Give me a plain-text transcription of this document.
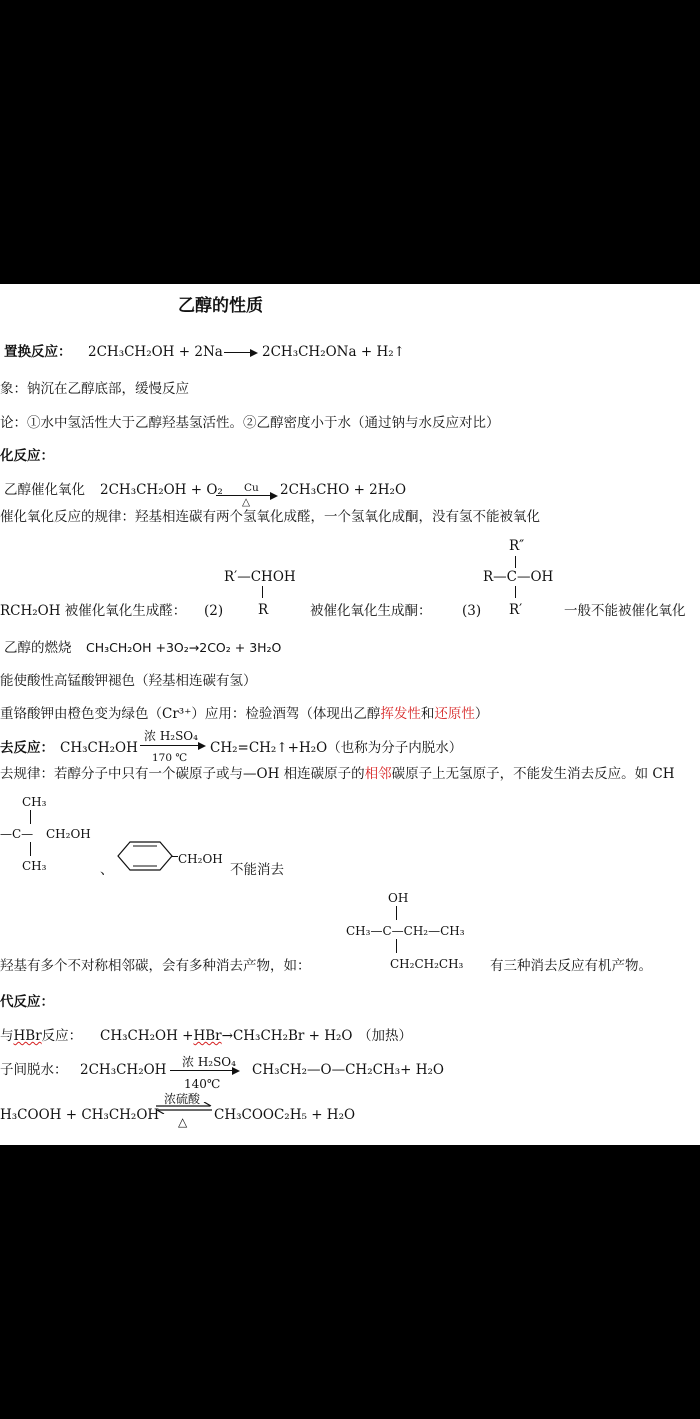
乙醇的性质
置换反应： 2CH₃CH₂OH + 2Na → 2CH₃CH₂ONa + H₂↑
象：钠沉在乙醇底部，缓慢反应
论：①水中氢活性大于乙醇羟基氢活性。②乙醇密度小于水（通过钠与水反应对比）
化反应：
乙醇催化氧化 2CH₃CH₂OH + O₂ Cu
△
2CH₃CHO + 2H₂O
催化氧化反应的规律：羟基相连碳有两个氢氧化成醛，一个氢氧化成酮，没有氢不能被氧化
R″
R—C—OH
R′
R′—CHOH
R
RCH₂OH 被催化氧化生成醛： (2)	被催化氧化生成酮： (3)	一般不能被催化氧化
乙醇的燃烧 CH₃CH₂OH +3O₂→2CO₂ + 3H₂O
能使酸性高锰酸钾褪色（羟基相连碳有氢）
重铬酸钾由橙色变为绿色（Cr³⁺）应用：检验酒驾（体现出乙醇挥发性和还原性）
去反应： CH₃CH₂OH
浓 H₂SO₄
170 ℃
CH₂=CH₂↑+H₂O（也称为分子内脱水）
去规律：若醇分子中只有一个碳原子或与—OH 相连碳原子的相邻碳原子上无氢原子，不能发生消去反应。如 CH
CH₃
—C— CH₂OH
CH₃	、
CH₂OH
不能消去
OH
CH₃—C—CH₂—CH₃
CH₂CH₂CH₃
羟基有多个不对称相邻碳，会有多种消去产物，如：	有三种消去反应有机产物。
代反应：
与HBr反应： CH₃CH₂OH +HBr→CH₃CH₂Br + H₂O （加热）
子间脱水： 2CH₃CH₂OH 浓 H₂SO₄
140℃
CH₃CH₂—O—CH₂CH₃+ H₂O
H₃COOH + CH₃CH₂OH
浓硫酸
△ CH₃COOC₂H₅ + H₂O
